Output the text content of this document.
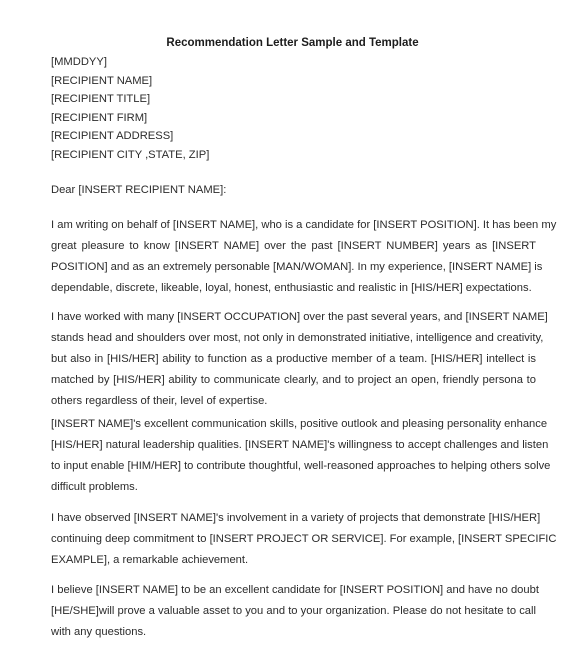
Recommendation Letter Sample and Template
[MMDDYY]
[RECIPIENT NAME]
[RECIPIENT TITLE]
[RECIPIENT FIRM]
[RECIPIENT ADDRESS]
[RECIPIENT CITY ,STATE, ZIP]
Dear [INSERT RECIPIENT NAME]:
I am writing on behalf of [INSERT NAME], who is a candidate for [INSERT POSITION]. It has been my
great pleasure to know [INSERT NAME] over the past [INSERT NUMBER] years as [INSERT
POSITION] and as an extremely personable [MAN/WOMAN]. In my experience, [INSERT NAME] is
dependable, discrete, likeable, loyal, honest, enthusiastic and realistic in [HIS/HER] expectations.
I have worked with many [INSERT OCCUPATION] over the past several years, and [INSERT NAME]
stands head and shoulders over most, not only in demonstrated initiative, intelligence and creativity,
but also in [HIS/HER] ability to function as a productive member of a team. [HIS/HER] intellect is
matched by [HIS/HER] ability to communicate clearly, and to project an open, friendly persona to
others regardless of their, level of expertise.
[INSERT NAME]'s excellent communication skills, positive outlook and pleasing personality enhance
[HIS/HER] natural leadership qualities. [INSERT NAME]'s willingness to accept challenges and listen
to input enable [HIM/HER] to contribute thoughtful, well-reasoned approaches to helping others solve
difficult problems.
I have observed [INSERT NAME]'s involvement in a variety of projects that demonstrate [HIS/HER]
continuing deep commitment to [INSERT PROJECT OR SERVICE]. For example, [INSERT SPECIFIC
EXAMPLE], a remarkable achievement.
I believe [INSERT NAME] to be an excellent candidate for [INSERT POSITION] and have no doubt
[HE/SHE]will prove a valuable asset to you and to your organization. Please do not hesitate to call
with any questions.
